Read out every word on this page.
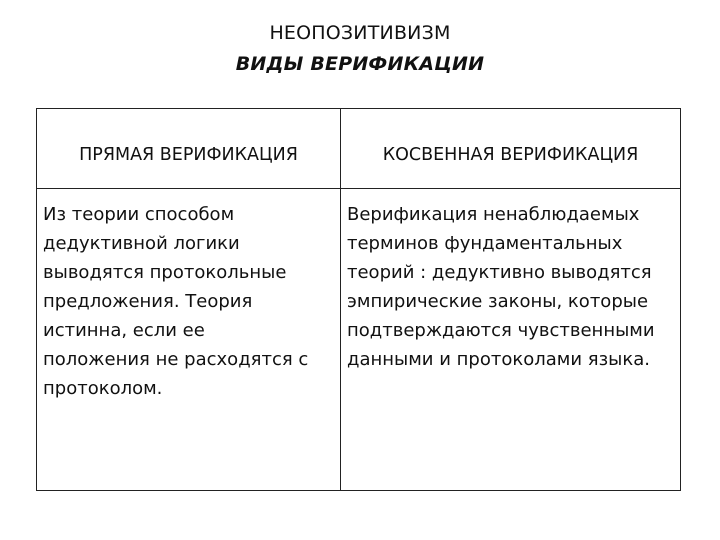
НЕОПОЗИТИВИЗМ
ВИДЫ ВЕРИФИКАЦИИ
ПРЯМАЯ ВЕРИФИКАЦИЯ	КОСВЕННАЯ ВЕРИФИКАЦИЯ
Из теории способом
дедуктивной логики
выводятся протокольные
предложения. Теория
истинна, если ее
положения не расходятся с
протоколом.
Верификация ненаблюдаемых
терминов фундаментальных
теорий : дедуктивно выводятся
эмпирические законы, которые
подтверждаются чувственными
данными и протоколами языка.
